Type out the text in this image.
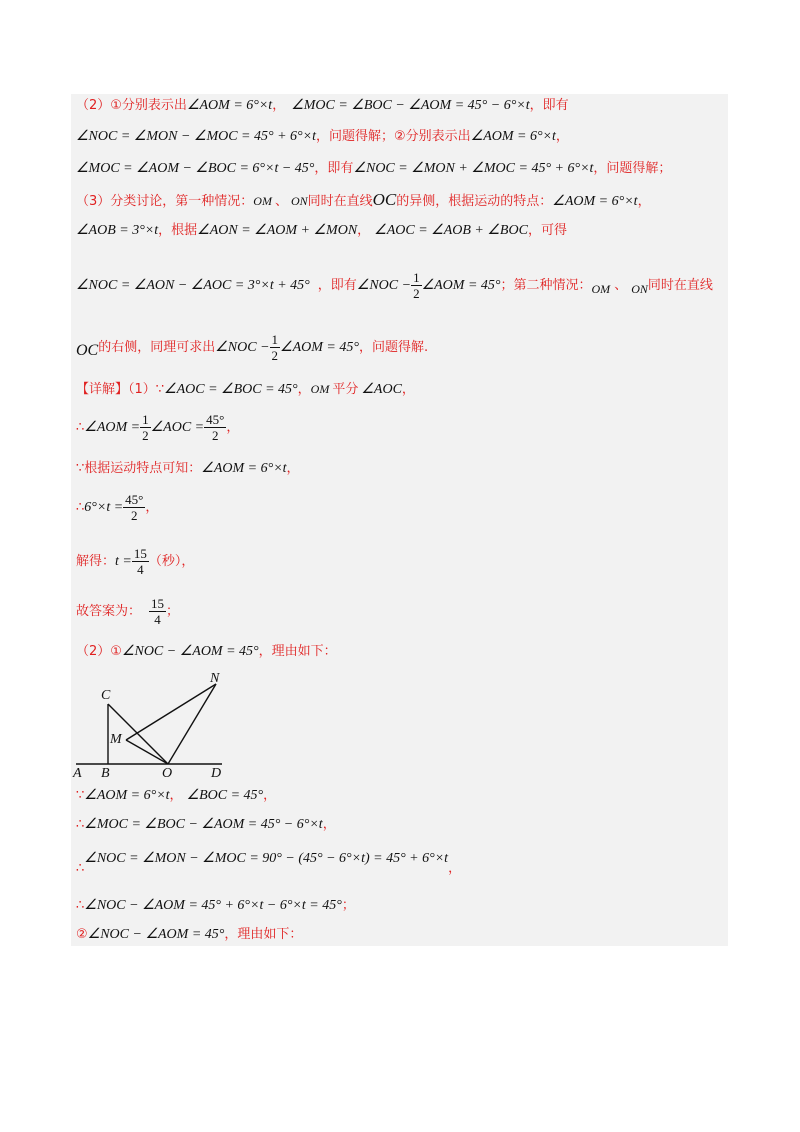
（2）①分别表示出∠AOM = 6°×t， ∠MOC = ∠BOC − ∠AOM = 45° − 6°×t，即有
∠NOC = ∠MON − ∠MOC = 45° + 6°×t，问题得解；②分别表示出∠AOM = 6°×t，
∠MOC = ∠AOM − ∠BOC = 6°×t − 45°，即有∠NOC = ∠MON + ∠MOC = 45° + 6°×t，问题得解；
（3）分类讨论，第一种情况：OM 、 ON同时在直线OC的异侧，根据运动的特点：∠AOM = 6°×t，
∠AOB = 3°×t，根据∠AON = ∠AOM + ∠MON， ∠AOC = ∠AOB + ∠BOC，可得
∠NOC = ∠AON − ∠AOC = 3°×t + 45° ，即有∠NOC − $\frac{1}{2}$ ∠AOM = 45°；第二种情况：OM 、 ON同时在直线
OC的右侧，同理可求出∠NOC − $\frac{1}{2}$ ∠AOM = 45°，问题得解.
【详解】（1）∵∠AOC = ∠BOC = 45°，OM 平分 ∠AOC，
∴∠AOM = $\frac{1}{2}$ ∠AOC = $\frac{45^\circ}{2}$ ，
∵根据运动特点可知：∠AOM = 6°×t，
∴6°×t = $\frac{45^\circ}{2}$ ，
解得：$t = \frac{15}{4}$ （秒），
故答案为： $\frac{15}{4}$ ；
（2）①∠NOC − ∠AOM = 45°，理由如下：
A B	O	D
C
M
N
∵∠AOM = 6°×t， ∠BOC = 45°，
∴∠MOC = ∠BOC − ∠AOM = 45° − 6°×t，
∴∠NOC = ∠MON − ∠MOC = 90° − (45° − 6°×t) = 45° + 6°×t，
∴∠NOC − ∠AOM = 45° + 6°×t − 6°×t = 45°；
②∠NOC − ∠AOM = 45°，理由如下：
